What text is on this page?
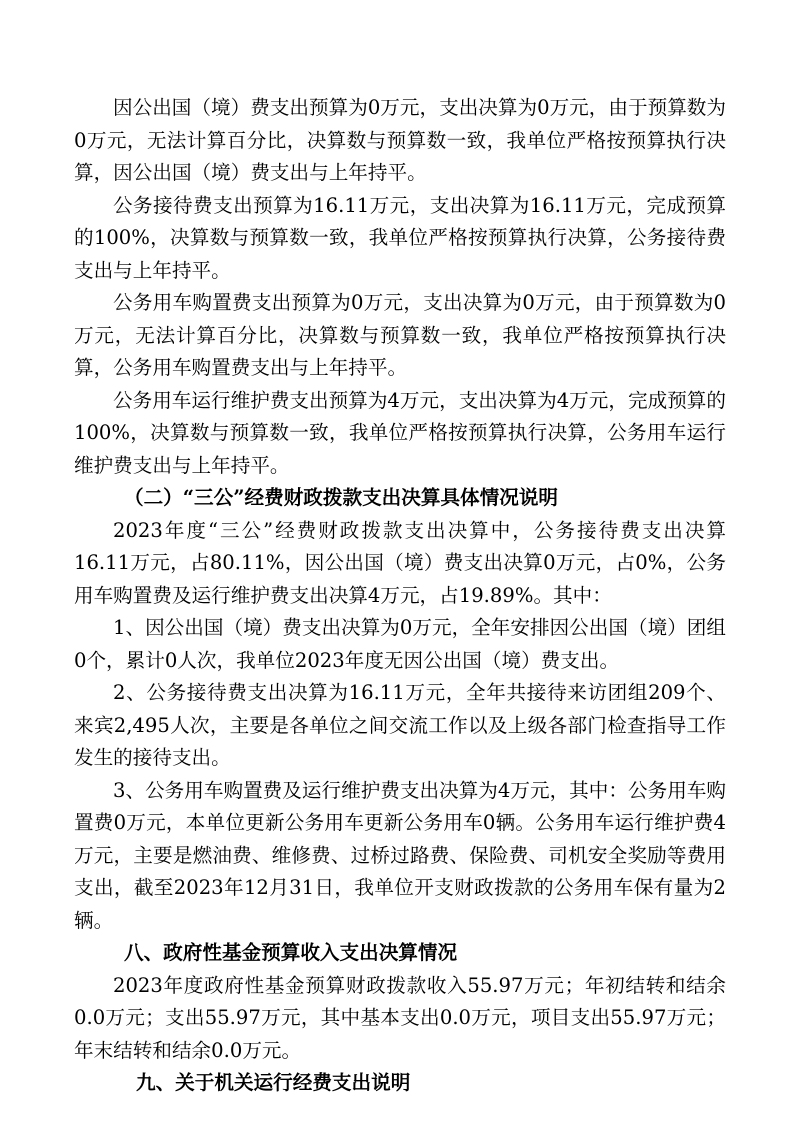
因公出国（境）费支出预算为0万元，支出决算为0万元，由于预算数为0万元，无法计算百分比，决算数与预算数一致，我单位严格按预算执行决算，因公出国（境）费支出与上年持平。

公务接待费支出预算为16.11万元，支出决算为16.11万元，完成预算的100%，决算数与预算数一致，我单位严格按预算执行决算，公务接待费支出与上年持平。

公务用车购置费支出预算为0万元，支出决算为0万元，由于预算数为0万元，无法计算百分比，决算数与预算数一致，我单位严格按预算执行决算，公务用车购置费支出与上年持平。

公务用车运行维护费支出预算为4万元，支出决算为4万元，完成预算的100%，决算数与预算数一致，我单位严格按预算执行决算，公务用车运行维护费支出与上年持平。

（二）“三公”经费财政拨款支出决算具体情况说明

2023年度“三公”经费财政拨款支出决算中，公务接待费支出决算16.11万元，占80.11%，因公出国（境）费支出决算0万元，占0%，公务用车购置费及运行维护费支出决算4万元，占19.89%。其中：

1、因公出国（境）费支出决算为0万元，全年安排因公出国（境）团组0个，累计0人次，我单位2023年度无因公出国（境）费支出。

2、公务接待费支出决算为16.11万元，全年共接待来访团组209个、来宾2,495人次，主要是各单位之间交流工作以及上级各部门检查指导工作发生的接待支出。

3、公务用车购置费及运行维护费支出决算为4万元，其中：公务用车购置费0万元，本单位更新公务用车更新公务用车0辆。公务用车运行维护费4万元，主要是燃油费、维修费、过桥过路费、保险费、司机安全奖励等费用支出，截至2023年12月31日，我单位开支财政拨款的公务用车保有量为2辆。

八、政府性基金预算收入支出决算情况

2023年度政府性基金预算财政拨款收入55.97万元；年初结转和结余0.0万元；支出55.97万元，其中基本支出0.0万元，项目支出55.97万元；年末结转和结余0.0万元。

九、关于机关运行经费支出说明
